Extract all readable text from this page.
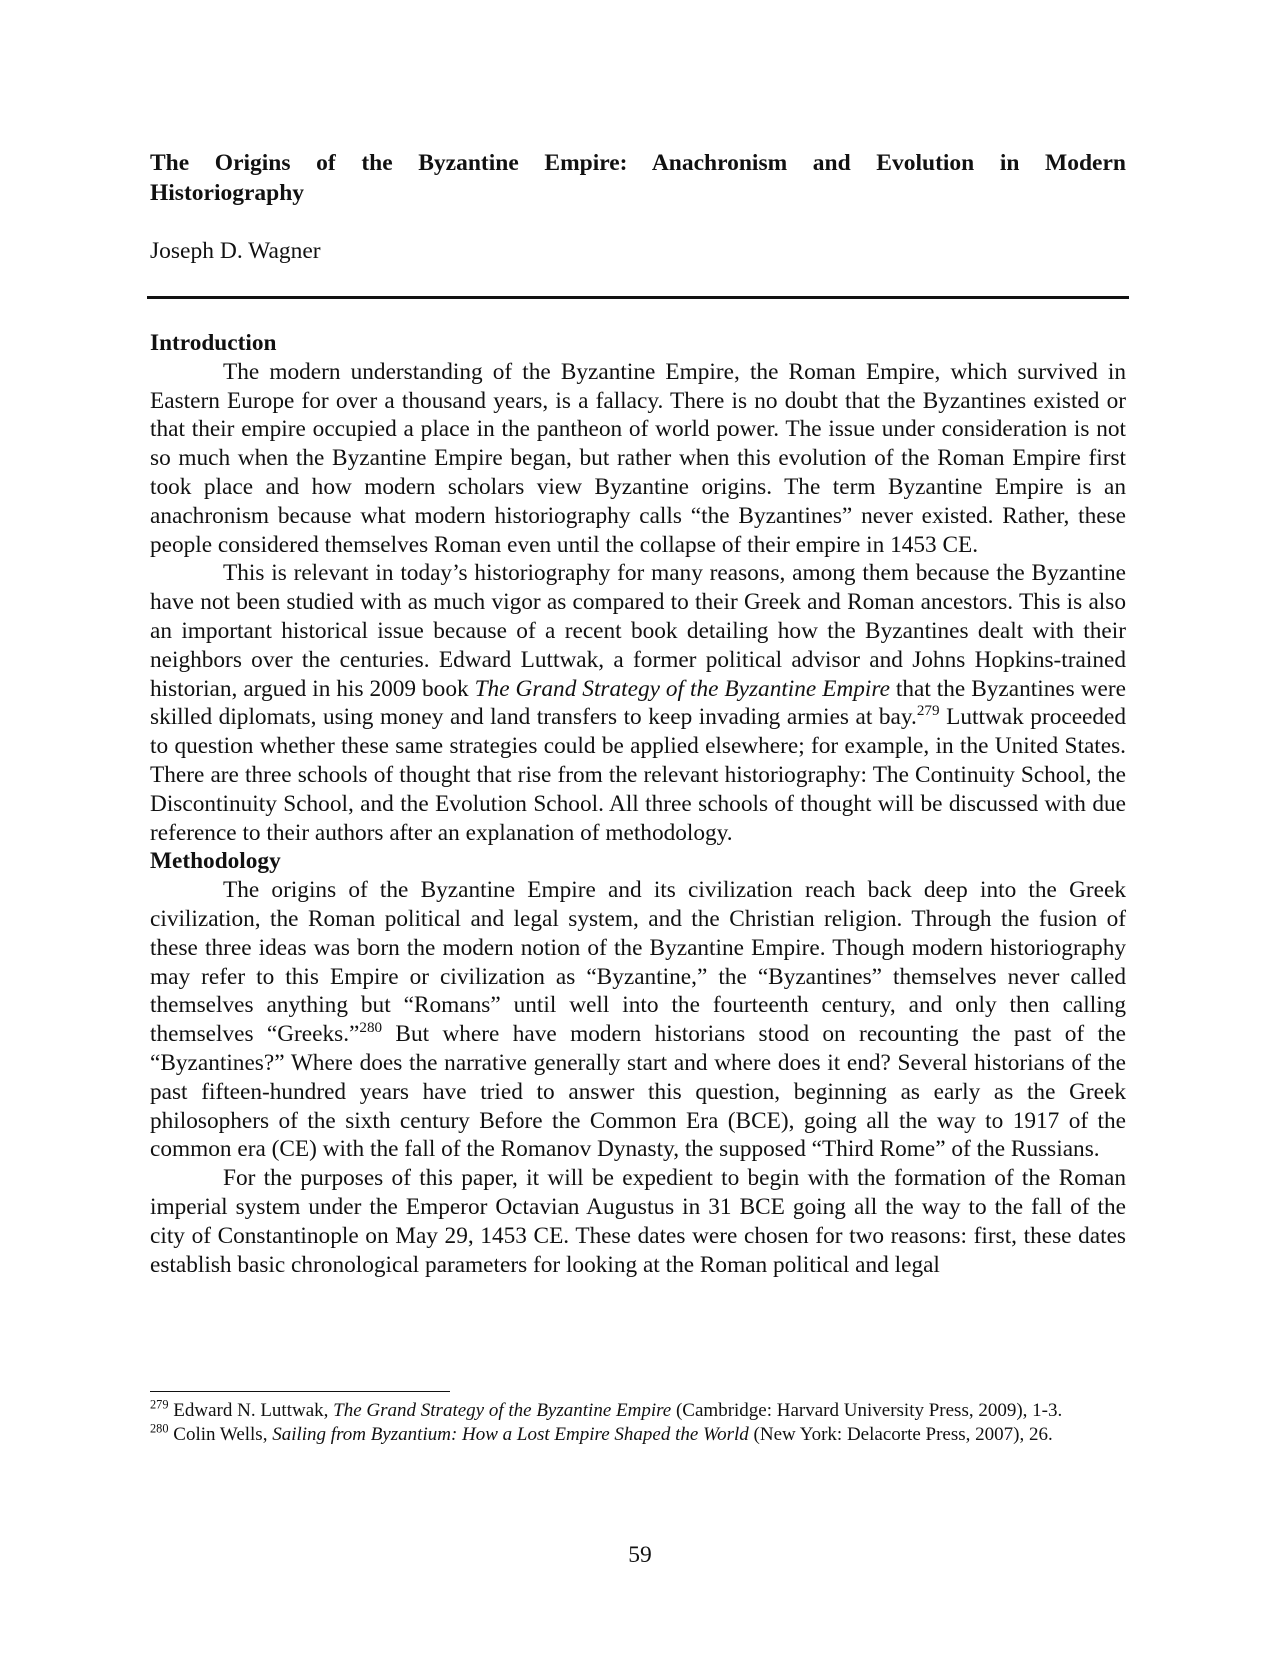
The Origins of the Byzantine Empire: Anachronism and Evolution in Modern
Historiography

Joseph D. Wagner

Introduction

The modern understanding of the Byzantine Empire, the Roman Empire, which survived in Eastern Europe for over a thousand years, is a fallacy. There is no doubt that the Byzantines existed or that their empire occupied a place in the pantheon of world power. The issue under consideration is not so much when the Byzantine Empire began, but rather when this evolution of the Roman Empire first took place and how modern scholars view Byzantine origins. The term Byzantine Empire is an anachronism because what modern historiography calls “the Byzantines” never existed. Rather, these people considered themselves Roman even until the collapse of their empire in 1453 CE.

This is relevant in today’s historiography for many reasons, among them because the Byzantine have not been studied with as much vigor as compared to their Greek and Roman ancestors. This is also an important historical issue because of a recent book detailing how the Byzantines dealt with their neighbors over the centuries. Edward Luttwak, a former political advisor and Johns Hopkins-trained historian, argued in his 2009 book The Grand Strategy of the Byzantine Empire that the Byzantines were skilled diplomats, using money and land transfers to keep invading armies at bay.$^{279}$ Luttwak proceeded to question whether these same strategies could be applied elsewhere; for example, in the United States. There are three schools of thought that rise from the relevant historiography: The Continuity School, the Discontinuity School, and the Evolution School. All three schools of thought will be discussed with due reference to their authors after an explanation of methodology.

Methodology

The origins of the Byzantine Empire and its civilization reach back deep into the Greek civilization, the Roman political and legal system, and the Christian religion. Through the fusion of these three ideas was born the modern notion of the Byzantine Empire. Though modern historiography may refer to this Empire or civilization as “Byzantine,” the “Byzantines” themselves never called themselves anything but “Romans” until well into the fourteenth century, and only then calling themselves “Greeks.”$^{280}$ But where have modern historians stood on recounting the past of the “Byzantines?” Where does the narrative generally start and where does it end? Several historians of the past fifteen-hundred years have tried to answer this question, beginning as early as the Greek philosophers of the sixth century Before the Common Era (BCE), going all the way to 1917 of the common era (CE) with the fall of the Romanov Dynasty, the supposed “Third Rome” of the Russians.

For the purposes of this paper, it will be expedient to begin with the formation of the Roman imperial system under the Emperor Octavian Augustus in 31 BCE going all the way to the fall of the city of Constantinople on May 29, 1453 CE. These dates were chosen for two reasons: first, these dates establish basic chronological parameters for looking at the Roman political and legal

$^{279}$ Edward N. Luttwak, The Grand Strategy of the Byzantine Empire (Cambridge: Harvard University Press, 2009), 1-3.

$^{280}$ Colin Wells, Sailing from Byzantium: How a Lost Empire Shaped the World (New York: Delacorte Press, 2007), 26.

59
